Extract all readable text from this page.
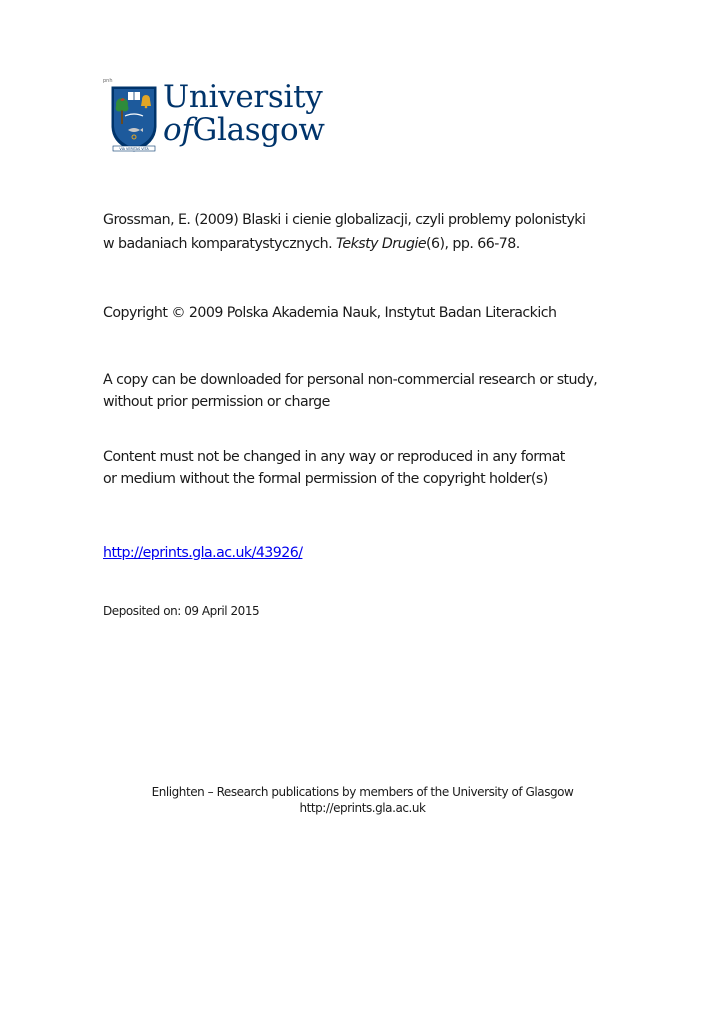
pnh
VIA VERITAS VITA
University
ofGlasgow
Grossman, E. (2009) Blaski i cienie globalizacji, czyli problemy polonistyki
w badaniach komparatystycznych. Teksty Drugie(6), pp. 66-78.
Copyright © 2009 Polska Akademia Nauk, Instytut Badan Literackich
A copy can be downloaded for personal non-commercial research or study,
without prior permission or charge
Content must not be changed in any way or reproduced in any format
or medium without the formal permission of the copyright holder(s)
http://eprints.gla.ac.uk/43926/
Deposited on: 09 April 2015
Enlighten – Research publications by members of the University of Glasgow
http://eprints.gla.ac.uk
